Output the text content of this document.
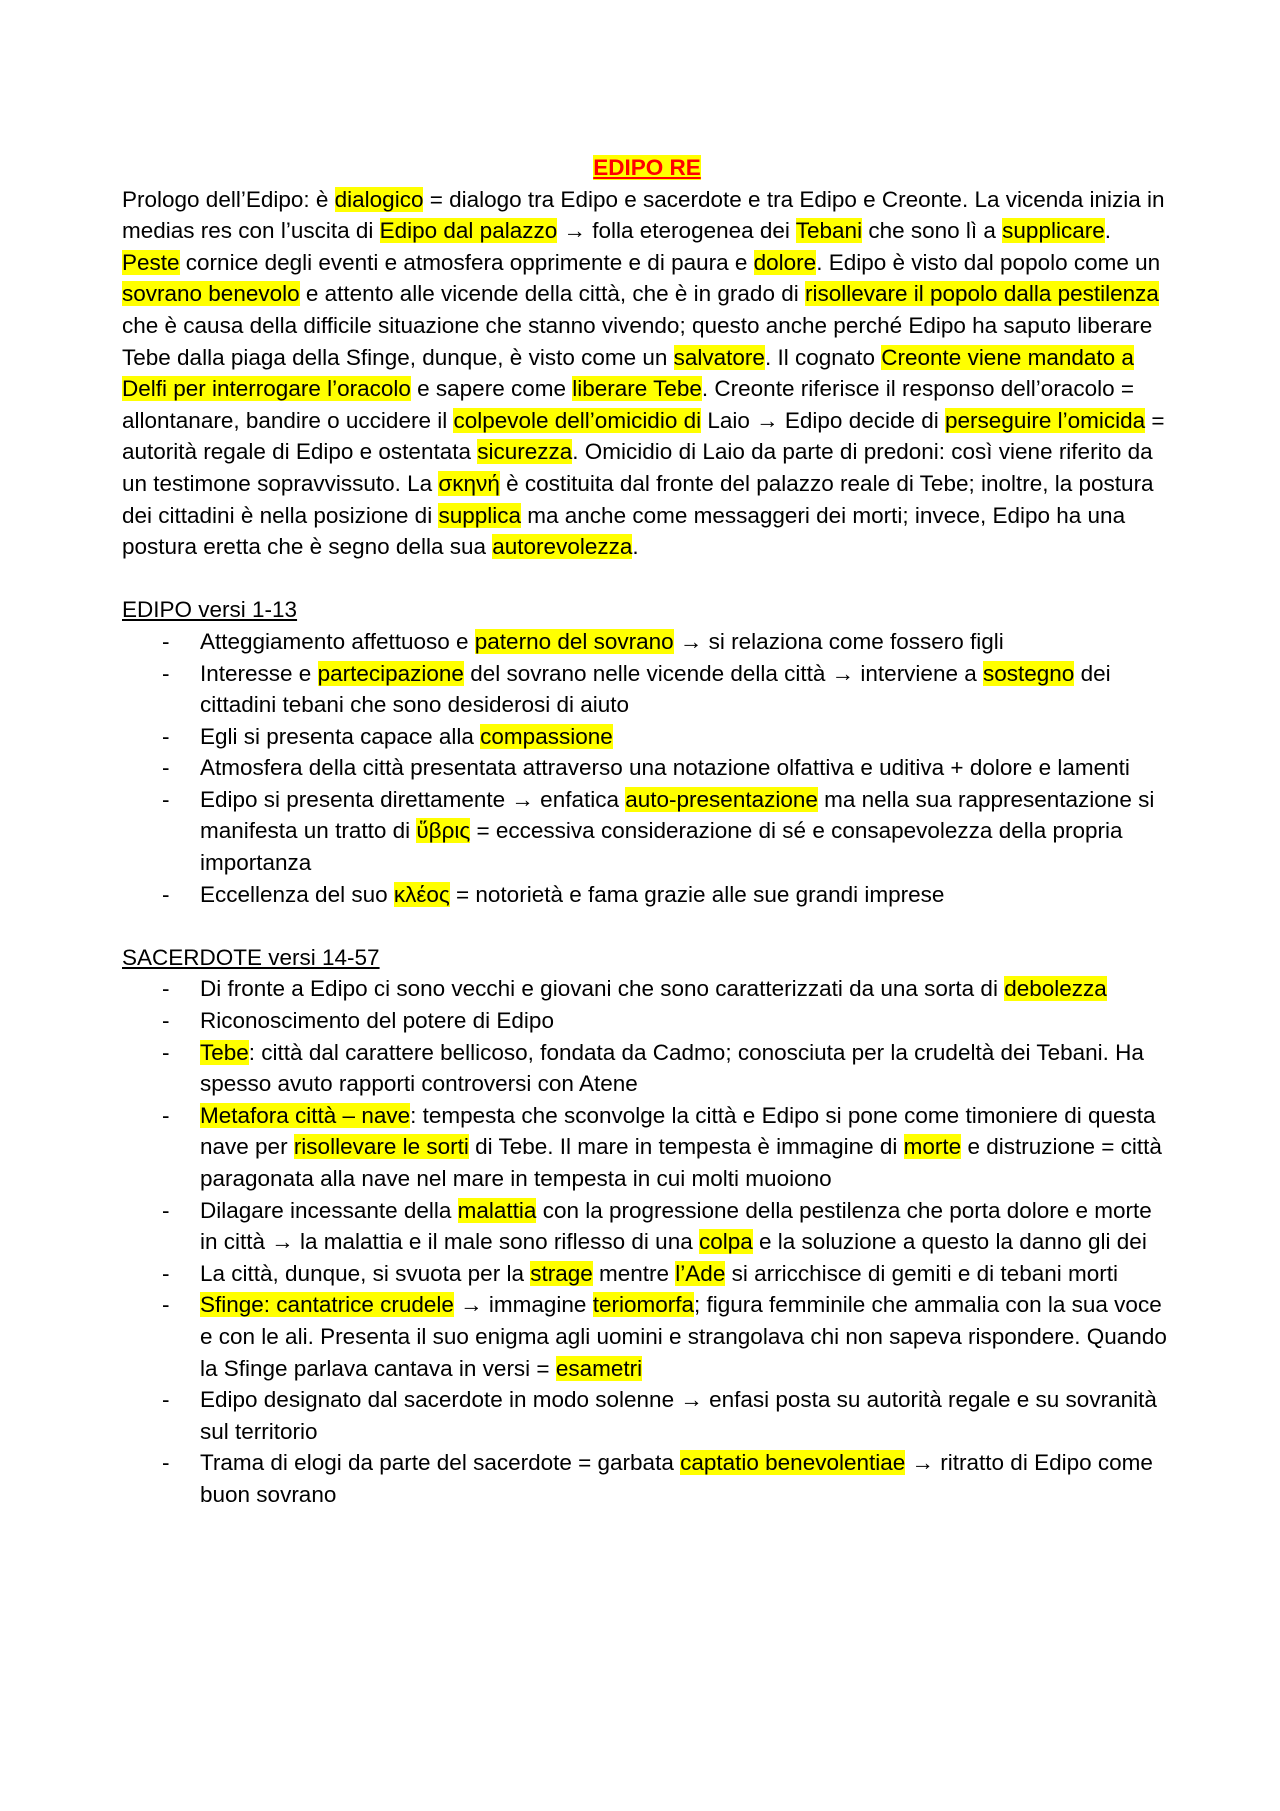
EDIPO RE

Prologo dell’Edipo: è dialogico = dialogo tra Edipo e sacerdote e tra Edipo e Creonte. La vicenda inizia in medias res con l’uscita di Edipo dal palazzo → folla eterogenea dei Tebani che sono lì a supplicare. Peste cornice degli eventi e atmosfera opprimente e di paura e dolore. Edipo è visto dal popolo come un sovrano benevolo e attento alle vicende della città, che è in grado di risollevare il popolo dalla pestilenza che è causa della difficile situazione che stanno vivendo; questo anche perché Edipo ha saputo liberare Tebe dalla piaga della Sfinge, dunque, è visto come un salvatore. Il cognato Creonte viene mandato a Delfi per interrogare l’oracolo e sapere come liberare Tebe. Creonte riferisce il responso dell’oracolo = allontanare, bandire o uccidere il colpevole dell’omicidio di Laio → Edipo decide di perseguire l’omicida = autorità regale di Edipo e ostentata sicurezza. Omicidio di Laio da parte di predoni: così viene riferito da un testimone sopravvissuto. La σκηνή è costituita dal fronte del palazzo reale di Tebe; inoltre, la postura dei cittadini è nella posizione di supplica ma anche come messaggeri dei morti; invece, Edipo ha una postura eretta che è segno della sua autorevolezza.

EDIPO versi 1-13

- Atteggiamento affettuoso e paterno del sovrano → si relaziona come fossero figli
- Interesse e partecipazione del sovrano nelle vicende della città → interviene a sostegno dei cittadini tebani che sono desiderosi di aiuto
- Egli si presenta capace alla compassione
- Atmosfera della città presentata attraverso una notazione olfattiva e uditiva + dolore e lamenti
- Edipo si presenta direttamente → enfatica auto-presentazione ma nella sua rappresentazione si manifesta un tratto di ὕβρις = eccessiva considerazione di sé e consapevolezza della propria importanza
- Eccellenza del suo κλέος = notorietà e fama grazie alle sue grandi imprese

SACERDOTE versi 14-57

- Di fronte a Edipo ci sono vecchi e giovani che sono caratterizzati da una sorta di debolezza
- Riconoscimento del potere di Edipo
- Tebe: città dal carattere bellicoso, fondata da Cadmo; conosciuta per la crudeltà dei Tebani. Ha spesso avuto rapporti controversi con Atene
- Metafora città – nave: tempesta che sconvolge la città e Edipo si pone come timoniere di questa nave per risollevare le sorti di Tebe. Il mare in tempesta è immagine di morte e distruzione = città paragonata alla nave nel mare in tempesta in cui molti muoiono
- Dilagare incessante della malattia con la progressione della pestilenza che porta dolore e morte in città → la malattia e il male sono riflesso di una colpa e la soluzione a questo la danno gli dei
- La città, dunque, si svuota per la strage mentre l’Ade si arricchisce di gemiti e di tebani morti
- Sfinge: cantatrice crudele → immagine teriomorfa; figura femminile che ammalia con la sua voce e con le ali. Presenta il suo enigma agli uomini e strangolava chi non sapeva rispondere. Quando la Sfinge parlava cantava in versi = esametri
- Edipo designato dal sacerdote in modo solenne → enfasi posta su autorità regale e su sovranità sul territorio
- Trama di elogi da parte del sacerdote = garbata captatio benevolentiae → ritratto di Edipo come buon sovrano
